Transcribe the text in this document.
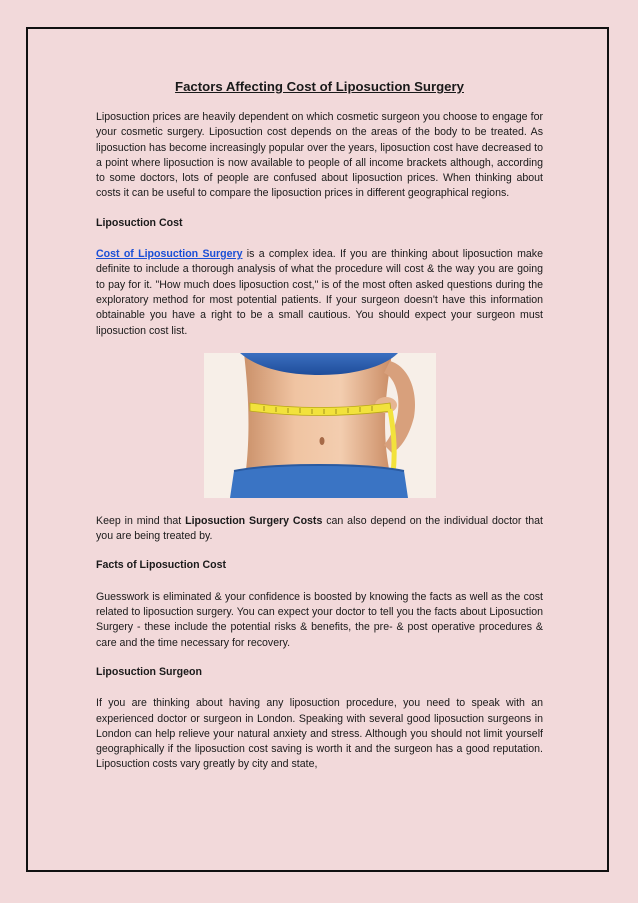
Factors Affecting Cost of Liposuction Surgery

Liposuction prices are heavily dependent on which cosmetic surgeon you choose to engage for your cosmetic surgery. Liposuction cost depends on the areas of the body to be treated. As liposuction has become increasingly popular over the years, liposuction cost have decreased to a point where liposuction is now available to people of all income brackets although, according to some doctors, lots of people are confused about liposuction prices. When thinking about costs it can be useful to compare the liposuction prices in different geographical regions.

Liposuction Cost

Cost of Liposuction Surgery is a complex idea. If you are thinking about liposuction make definite to include a thorough analysis of what the procedure will cost & the way you are going to pay for it. "How much does liposuction cost," is of the most often asked questions during the exploratory method for most potential patients. If your surgeon doesn't have this information obtainable you have a right to be a small cautious. You should expect your surgeon must liposuction cost list.

Keep in mind that Liposuction Surgery Costs can also depend on the individual doctor that you are being treated by.

Facts of Liposuction Cost

Guesswork is eliminated & your confidence is boosted by knowing the facts as well as the cost related to liposuction surgery. You can expect your doctor to tell you the facts about Liposuction Surgery - these include the potential risks & benefits, the pre- & post operative procedures & care and the time necessary for recovery.

Liposuction Surgeon

If you are thinking about having any liposuction procedure, you need to speak with an experienced doctor or surgeon in London. Speaking with several good liposuction surgeons in London can help relieve your natural anxiety and stress. Although you should not limit yourself geographically if the liposuction cost saving is worth it and the surgeon has a good reputation. Liposuction costs vary greatly by city and state,
